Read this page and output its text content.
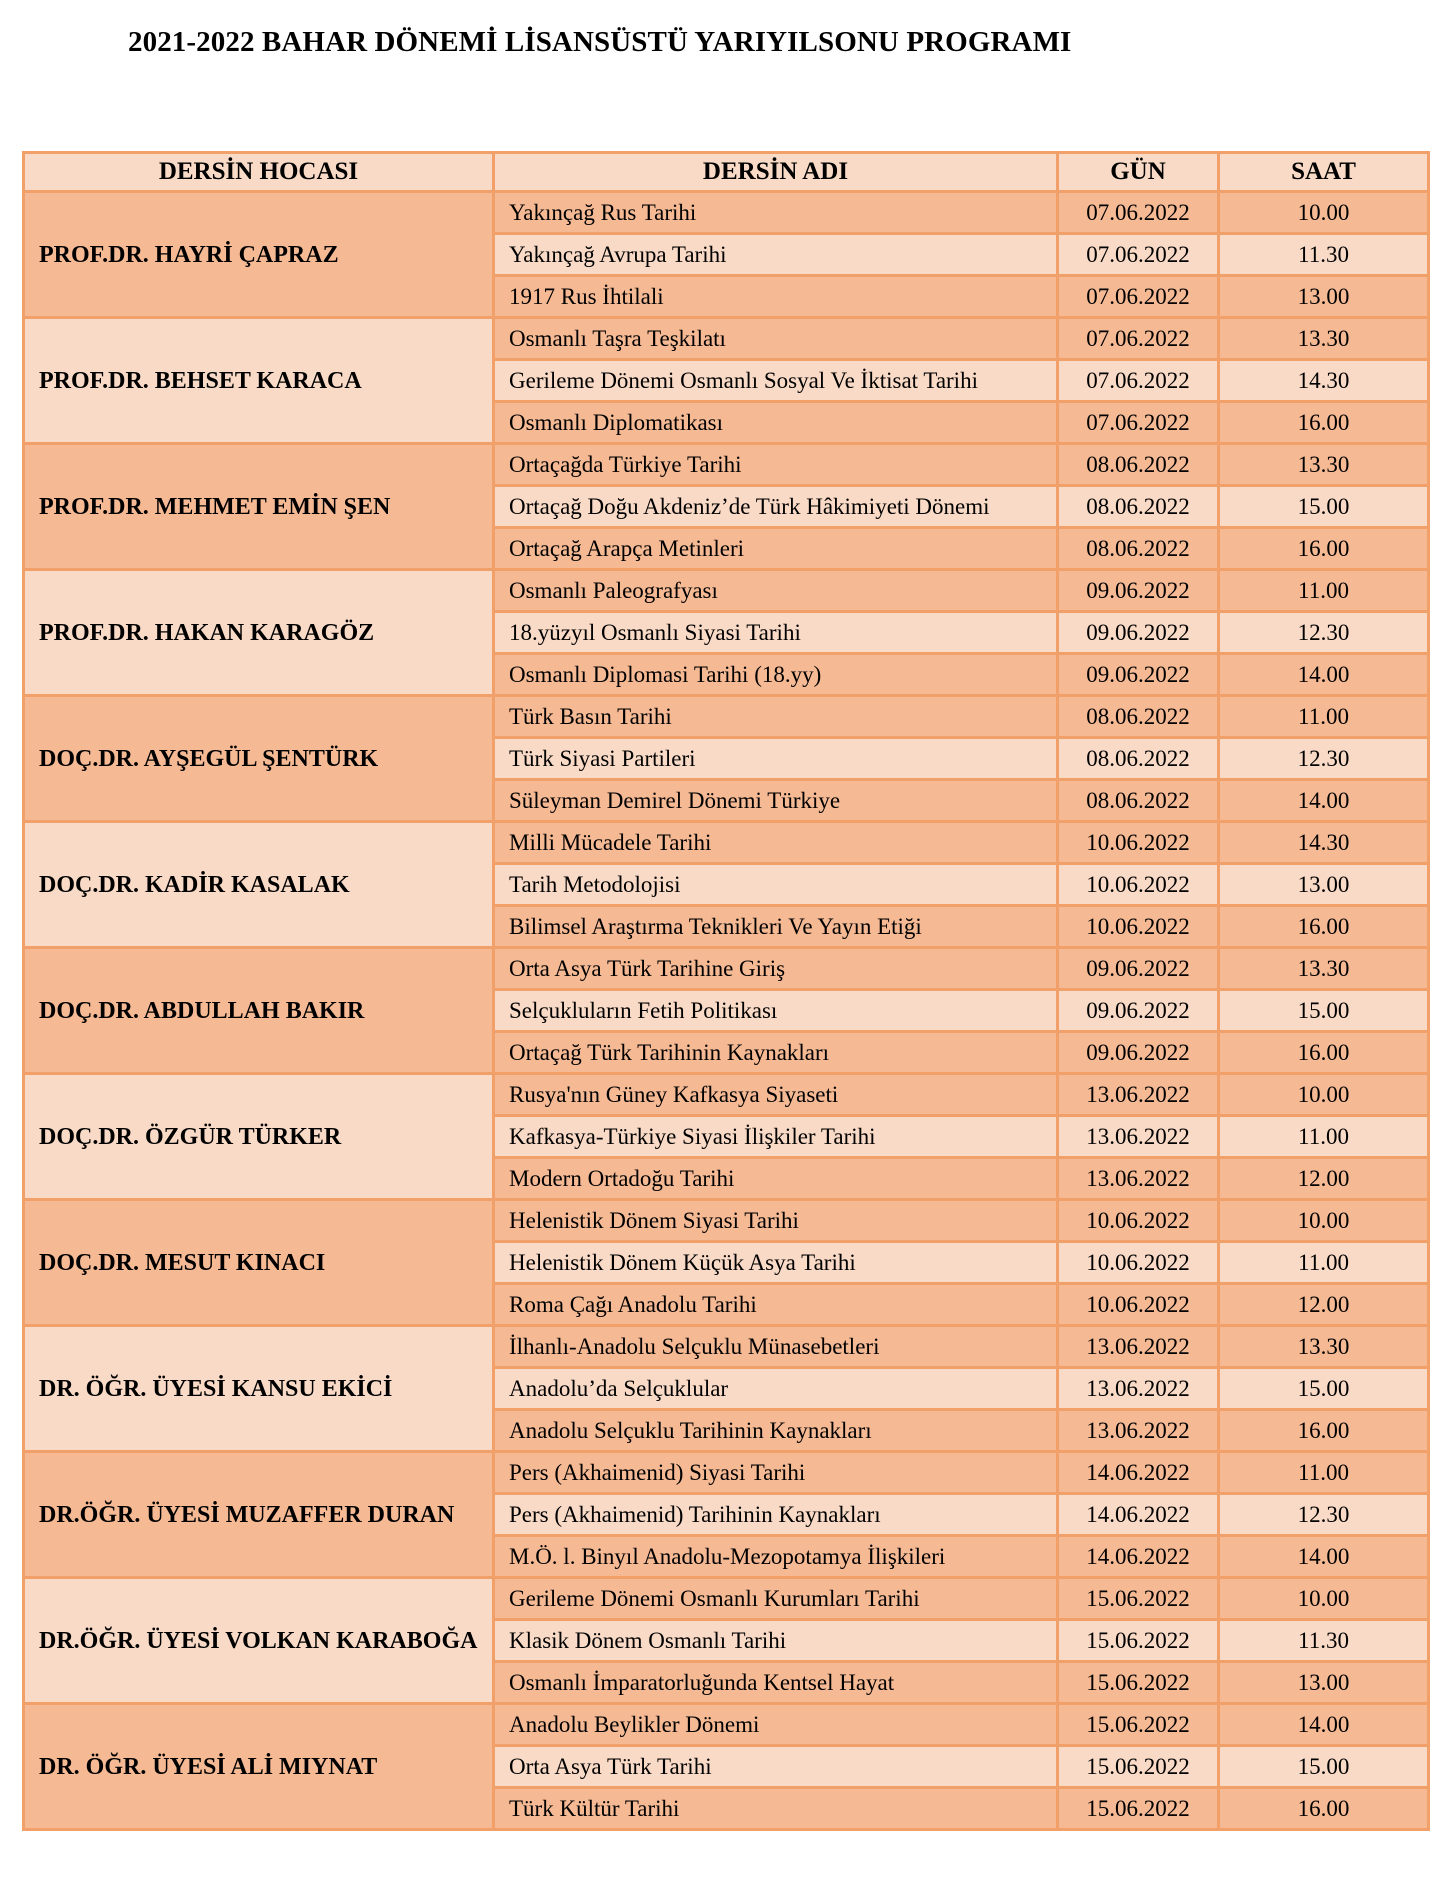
2021-2022 BAHAR DÖNEMİ LİSANSÜSTÜ YARIYILSONU PROGRAMI
DERSİN HOCASI	DERSİN ADI	GÜN	SAAT
PROF.DR. HAYRİ ÇAPRAZ	Yakınçağ Rus Tarihi	07.06.2022	10.00
	Yakınçağ Avrupa Tarihi	07.06.2022	11.30
	1917 Rus İhtilali	07.06.2022	13.00
PROF.DR. BEHSET KARACA	Osmanlı Taşra Teşkilatı	07.06.2022	13.30
	Gerileme Dönemi Osmanlı Sosyal Ve İktisat Tarihi	07.06.2022	14.30
	Osmanlı Diplomatikası	07.06.2022	16.00
PROF.DR. MEHMET EMİN ŞEN	Ortaçağda Türkiye Tarihi	08.06.2022	13.30
	Ortaçağ Doğu Akdeniz’de Türk Hâkimiyeti Dönemi	08.06.2022	15.00
	Ortaçağ Arapça Metinleri	08.06.2022	16.00
PROF.DR. HAKAN KARAGÖZ	Osmanlı Paleografyası	09.06.2022	11.00
	18.yüzyıl Osmanlı Siyasi Tarihi	09.06.2022	12.30
	Osmanlı Diplomasi Tarihi (18.yy)	09.06.2022	14.00
DOÇ.DR. AYŞEGÜL ŞENTÜRK	Türk Basın Tarihi	08.06.2022	11.00
	Türk Siyasi Partileri	08.06.2022	12.30
	Süleyman Demirel Dönemi Türkiye	08.06.2022	14.00
DOÇ.DR. KADİR KASALAK	Milli Mücadele Tarihi	10.06.2022	14.30
	Tarih Metodolojisi	10.06.2022	13.00
	Bilimsel Araştırma Teknikleri Ve Yayın Etiği	10.06.2022	16.00
DOÇ.DR. ABDULLAH BAKIR	Orta Asya Türk Tarihine Giriş	09.06.2022	13.30
	Selçukluların Fetih Politikası	09.06.2022	15.00
	Ortaçağ Türk Tarihinin Kaynakları	09.06.2022	16.00
DOÇ.DR. ÖZGÜR TÜRKER	Rusya'nın Güney Kafkasya Siyaseti	13.06.2022	10.00
	Kafkasya-Türkiye Siyasi İlişkiler Tarihi	13.06.2022	11.00
	Modern Ortadoğu Tarihi	13.06.2022	12.00
DOÇ.DR. MESUT KINACI	Helenistik Dönem Siyasi Tarihi	10.06.2022	10.00
	Helenistik Dönem Küçük Asya Tarihi	10.06.2022	11.00
	Roma Çağı Anadolu Tarihi	10.06.2022	12.00
DR. ÖĞR. ÜYESİ KANSU EKİCİ	İlhanlı-Anadolu Selçuklu Münasebetleri	13.06.2022	13.30
	Anadolu’da Selçuklular	13.06.2022	15.00
	Anadolu Selçuklu Tarihinin Kaynakları	13.06.2022	16.00
DR.ÖĞR. ÜYESİ MUZAFFER DURAN	Pers (Akhaimenid) Siyasi Tarihi	14.06.2022	11.00
	Pers (Akhaimenid) Tarihinin Kaynakları	14.06.2022	12.30
	M.Ö. l. Binyıl Anadolu-Mezopotamya İlişkileri	14.06.2022	14.00
DR.ÖĞR. ÜYESİ VOLKAN KARABOĞA	Gerileme Dönemi Osmanlı Kurumları Tarihi	15.06.2022	10.00
	Klasik Dönem Osmanlı Tarihi	15.06.2022	11.30
	Osmanlı İmparatorluğunda Kentsel Hayat	15.06.2022	13.00
DR. ÖĞR. ÜYESİ ALİ MIYNAT	Anadolu Beylikler Dönemi	15.06.2022	14.00
	Orta Asya Türk Tarihi	15.06.2022	15.00
	Türk Kültür Tarihi	15.06.2022	16.00
